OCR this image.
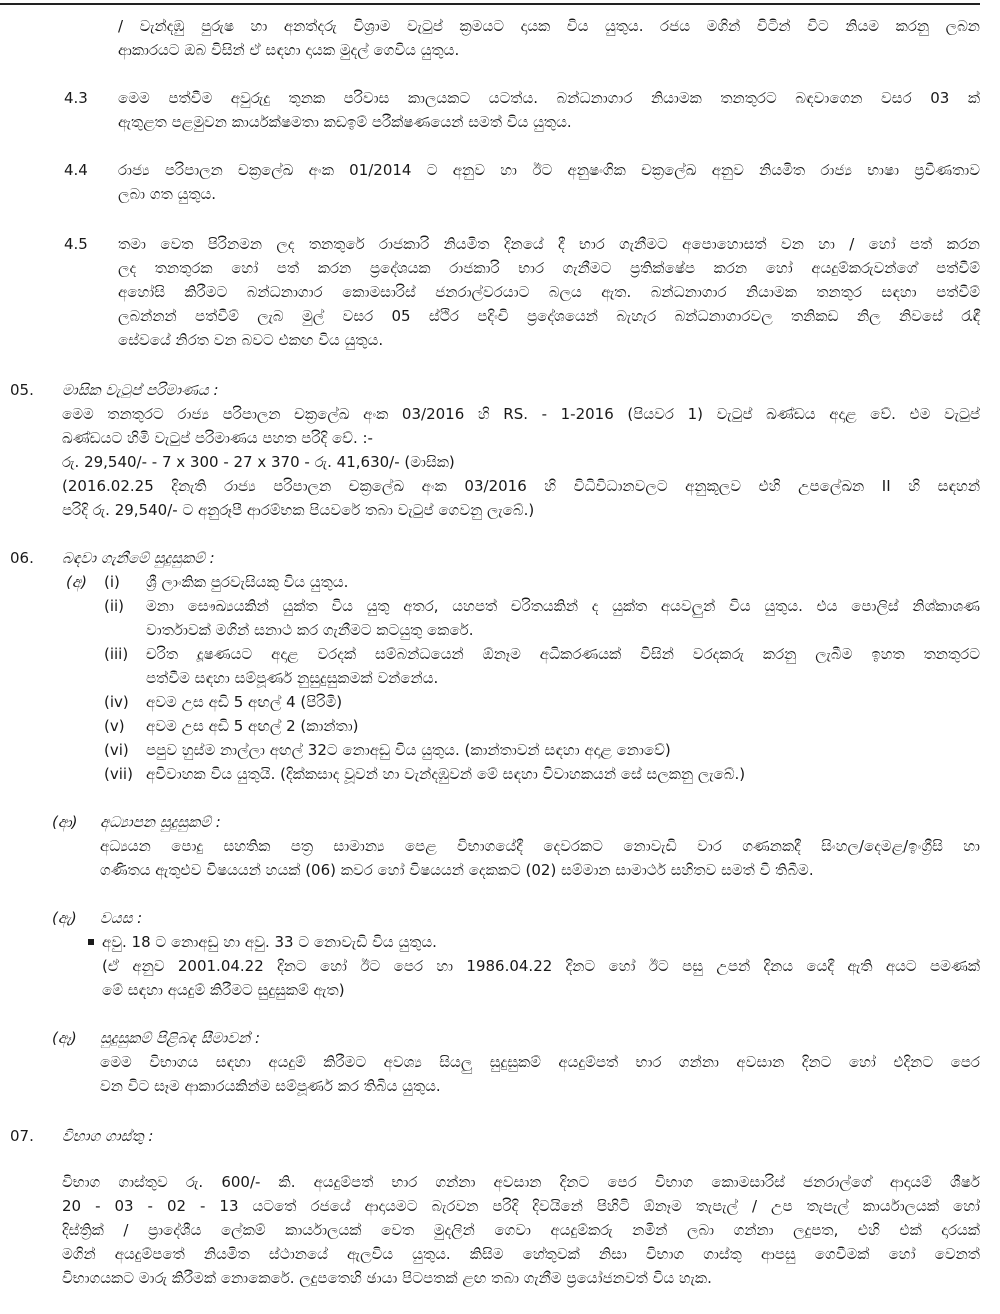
/ වැන්දඹු පුරුෂ හා අනත්දරු විශ්‍රාම වැටුප් ක්‍රමයට දායක විය යුතුය. රජය මගින් විටින් විට නියම කරනු ලබන
ආකාරයට ඔබ විසින් ඒ සඳහා දායක මුදල් ගෙවිය යුතුය.
4.3 මෙම පත්වීම අවුරුදු තුනක පරිවාස කාලයකට යටත්ය. බන්ධනාගාර නියාමක තනතුරට බඳවාගෙන වසර 03 ක්
ඇතුළත පළමුවන කාර්යක්ෂමතා කඩඉම් පරීක්ෂණයෙන් සමත් විය යුතුය.
4.4 රාජ්‍ය පරිපාලන චක්‍රලේඛ අංක 01/2014 ට අනුව හා ඊට අනුෂංගික චක්‍රලේඛ අනුව නියමිත රාජ්‍ය භාෂා ප්‍රවීණතාව
ලබා ගත යුතුය.
4.5 තමා වෙත පිරිනමන ලද තනතුරේ රාජකාරි නියමිත දිනයේ දී භාර ගැනීමට අපොහොසත් වන හා / හෝ පත් කරන
ලද තනතුරක හෝ පත් කරන ප්‍රදේශයක රාජකාරි භාර ගැනීමට ප්‍රතික්ෂේප කරන හෝ අයදුම්කරුවන්ගේ පත්වීම්
අහෝසි කිරීමට බන්ධනාගාර කොමසාරිස් ජනරාල්වරයාට බලය ඇත. බන්ධනාගාර නියාමක තනතුර සඳහා පත්වීම්
ලබන්නන් පත්වීම් ලැබ මුල් වසර 05 ස්ථිර පදිංචි ප්‍රදේශයෙන් බැහැර බන්ධනාගාරවල තනිකඩ නිල නිවසේ රැඳී
සේවයේ නිරත වන බවට එකඟ විය යුතුය.
05. මාසික වැටුප් පරිමාණය :
මෙම තනතුරට රාජ්‍ය පරිපාලන චක්‍රලේඛ අංක 03/2016 හි RS. - 1-2016 (පියවර 1) වැටුප් ඛණ්ඩය අදාළ වේ. එම වැටුප්
ඛණ්ඩයට හිමි වැටුප් පරිමාණය පහත පරිදි වේ. :-
රු. 29,540/- - 7 x 300 - 27 x 370 - රු. 41,630/- (මාසික)
(2016.02.25 දිනැති රාජ්‍ය පරිපාලන චක්‍රලේඛ අංක 03/2016 හි විධිවිධානවලට අනුකූලව එහි උපලේඛන II හි සඳහන්
පරිදි රු. 29,540/- ට අනුරූපී ආරම්භක පියවරේ තබා වැටුප් ගෙවනු ලැබේ.)
06. බඳවා ගැනීමේ සුදුසුකම් :
(අ) (i) ශ්‍රී ලාංකික පුරවැසියකු විය යුතුය.
(ii) මනා සෞඛ්‍යයකින් යුක්ත විය යුතු අතර, යහපත් චරිතයකින් ද යුක්ත අයවලුන් විය යුතුය. එය පොලිස් නිශ්කාශණ
වාර්තාවක් මගින් සනාථ කර ගැනීමට කටයුතු කෙරේ.
(iii) චරිත දූෂණයට අදාළ වරදක් සම්බන්ධයෙන් ඕනෑම අධිකරණයක් විසින් වරදකරු කරනු ලැබීම ඉහත තනතුරට
පත්වීම සඳහා සම්පූර්ණ නුසුදුසුකමක් වන්නේය.
(iv) අවම උස අඩි 5 අඟල් 4 (පිරිමි)
(v) අවම උස අඩි 5 අඟල් 2 (කාන්තා)
(vi) පපුව හුස්ම නාල්ලා අඟල් 32ට නොඅඩු විය යුතුය. (කාන්තාවන් සඳහා අදාළ නොවේ)
(vii) අවිවාහක විය යුතුයි. (දික්කසාද වූවන් හා වැන්දඹුවන් මේ සඳහා විවාහකයන් සේ සලකනු ලැබේ.)
(ආ) අධ්‍යාපන සුදුසුකම් :
අධ්‍යයන පොදු සහතික පත්‍ර සාමාන්‍ය පෙළ විභාගයේදී දෙවරකට නොවැඩි වාර ගණනකදී සිංහල/දෙමළ/ඉංග්‍රීසි හා
ගණිතය ඇතුළුව විෂයයන් හයක් (06) කවර හෝ විෂයයන් දෙකකට (02) සම්මාන සාමාර්ථ සහිතව සමත් වී තිබීම.
(ඇ) වයස :
අවු. 18 ට නොඅඩු හා අවු. 33 ට නොවැඩි විය යුතුය.
(ඒ අනුව 2001.04.22 දිනට හෝ ඊට පෙර හා 1986.04.22 දිනට හෝ ඊට පසු උපන් දිනය යෙදී ඇති අයට පමණක්
මේ සඳහා අයදුම් කිරීමට සුදුසුකම් ඇත)
(ඈ) සුදුසුකම් පිළිබඳ සීමාවන් :
මෙම විභාගය සඳහා අයදුම් කිරීමට අවශ්‍ය සියලු සුදුසුකම් අයදුම්පත් භාර ගන්නා අවසාන දිනට හෝ එදිනට පෙර
වන විට සෑම ආකාරයකින්ම සම්පූර්ණ කර තිබිය යුතුය.
07. විභාග ගාස්තු :
විභාග ගාස්තුව රු. 600/- කි. අයදුම්පත් භාර ගන්නා අවසාන දිනට පෙර විභාග කොමසාරිස් ජනරාල්ගේ ආදායම් ශීර්ෂ
20 - 03 - 02 - 13 යටතේ රජයේ ආදායමට බැරවන පරිදි දිවයිනේ පිහිටි ඕනෑම තැපැල් / උප තැපැල් කාර්යාලයක් හෝ
දිස්ත්‍රික් / ප්‍රාදේශීය ලේකම් කාර්යාලයක් වෙත මුදලින් ගෙවා අයදුම්කරු නමින් ලබා ගන්නා ලදුපත, එහි එක් දාරයක්
මගින් අයදුම්පතේ නියමිත ස්ථානයේ ඇලවිය යුතුය. කිසිම හේතුවක් නිසා විභාග ගාස්තු ආපසු ගෙවීමක් හෝ වෙනත්
විභාගයකට මාරු කිරීමක් නොකෙරේ. ලදුපතෙහි ඡායා පිටපතක් ළඟ තබා ගැනීම ප්‍රයෝජනවත් විය හැක.
